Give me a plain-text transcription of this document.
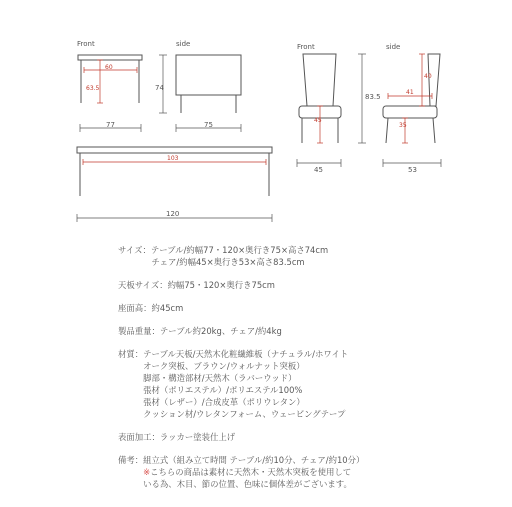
Front	side	Front	side
74
77	75
120
83.5
45	53
60
63.5
103
45
40
41
35
サイズ：テーブル/約幅77・120×奥行き75×高さ74cm
　　　　チェア/約幅45×奥行き53×高さ83.5cm
天板サイズ：約幅75・120×奥行き75cm
座面高：約45cm
製品重量：テーブル約20kg、チェア/約4kg
材質：テーブル天板/天然木化粧繊維板（ナチュラル/ホワイト
　　　オーク突板、ブラウン/ウォルナット突板）
　　　脚部・構造部材/天然木（ラバーウッド）
　　　張材（ポリエステル）/ポリエステル100%
　　　張材（レザー）/合成皮革（ポリウレタン）
　　　クッション材/ウレタンフォーム、ウェービングテープ
表面加工：ラッカー塗装仕上げ
備考：組立式（組み立て時間 テーブル/約10分、チェア/約10分）
　　　※こちらの商品は素材に天然木・天然木突板を使用して
　　　いる為、木目、節の位置、色味に個体差がございます。
